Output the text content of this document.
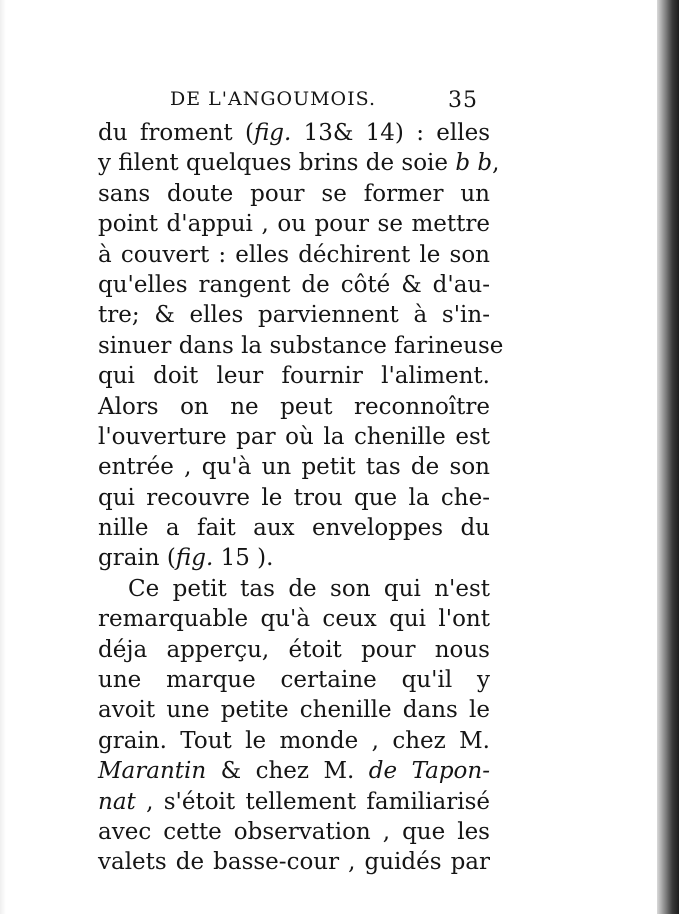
DE L'ANGOUMOIS.	35
du froment (fig. 13& 14) : elles
y filent quelques brins de soie b b,
sans doute pour se former un
point d'appui , ou pour se mettre
à couvert : elles déchirent le son
qu'elles rangent de côté & d'au-
tre; & elles parviennent à s'in-
sinuer dans la substance farineuse
qui doit leur fournir l'aliment.
Alors on ne peut reconnoître
l'ouverture par où la chenille est
entrée , qu'à un petit tas de son
qui recouvre le trou que la che-
nille a fait aux enveloppes du
grain (fig. 15 ).
Ce petit tas de son qui n'est
remarquable qu'à ceux qui l'ont
déja apperçu, étoit pour nous
une marque certaine qu'il y
avoit une petite chenille dans le
grain. Tout le monde , chez M.
Marantin & chez M. de Tapon-
nat , s'étoit tellement familiarisé
avec cette observation , que les
valets de basse-cour , guidés par
